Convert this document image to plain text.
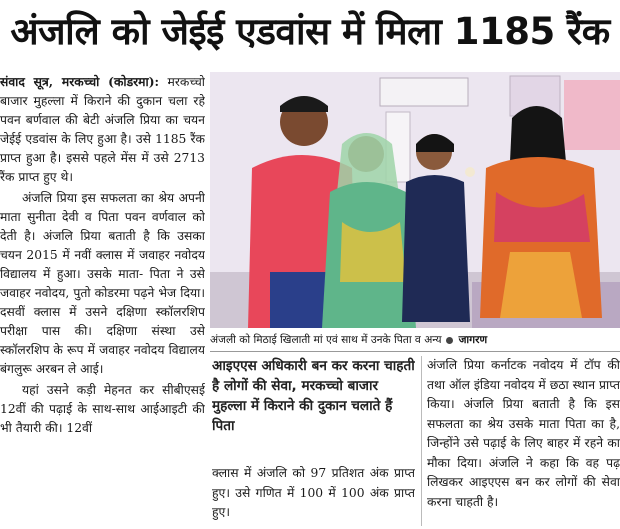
अंजलि को जेईई एडवांस में मिला 1185 रैंक

संवाद सूत्र, मरकच्चो (कोडरमा): मरकच्चो बाजार मुहल्ला में किराने की दुकान चला रहे पवन बर्णवाल की बेटी अंजलि प्रिया का चयन जेईई एडवांस के लिए हुआ है। उसे 1185 रैंक प्राप्त हुआ है। इससे पहले मेंस में उसे 2713 रैंक प्राप्त हुए थे।

अंजलि प्रिया इस सफलता का श्रेय अपनी माता सुनीता देवी व पिता पवन वर्णवाल को देती है। अंजलि प्रिया बताती है कि उसका चयन 2015 में नवीं क्लास में जवाहर नवोदय विद्यालय में हुआ। उसके माता- पिता ने उसे जवाहर नवोदय, पुतो कोडरमा पढ़ने भेज दिया। दसवीं क्लास में उसने दक्षिणा स्कॉलरशिप परीक्षा पास की। दक्षिणा संस्था उसे स्कॉलरशिप के रूप में जवाहर नवोदय विद्यालय बंगलुरू अरबन ले आई।

यहां उसने कड़ी मेहनत कर सीबीएसई 12वीं की पढ़ाई के साथ-साथ आईआइटी की भी तैयारी की। 12वीं

अंजली को मिठाई खिलाती मां एवं साथ में उनके पिता व अन्य जागरण
आइएएस अधिकारी बन कर करना चाहती है लोगों की सेवा, मरकच्चो बाजार मुहल्ला में किराने की दुकान चलाते हैं पिता
क्लास में अंजलि को 97 प्रतिशत अंक प्राप्त हुए। उसे गणित में 100 में 100 अंक प्राप्त हुए।
अंजलि प्रिया कर्नाटक नवोदय में टॉप की तथा ऑल इंडिया नवोदय में छठा स्थान प्राप्त किया। अंजलि प्रिया बताती है कि इस सफलता का श्रेय उसके माता पिता का है, जिन्होंने उसे पढ़ाई के लिए बाहर में रहने का मौका दिया। अंजलि ने कहा कि वह पढ़ लिखकर आइएएस बन कर लोगों की सेवा करना चाहती है।
